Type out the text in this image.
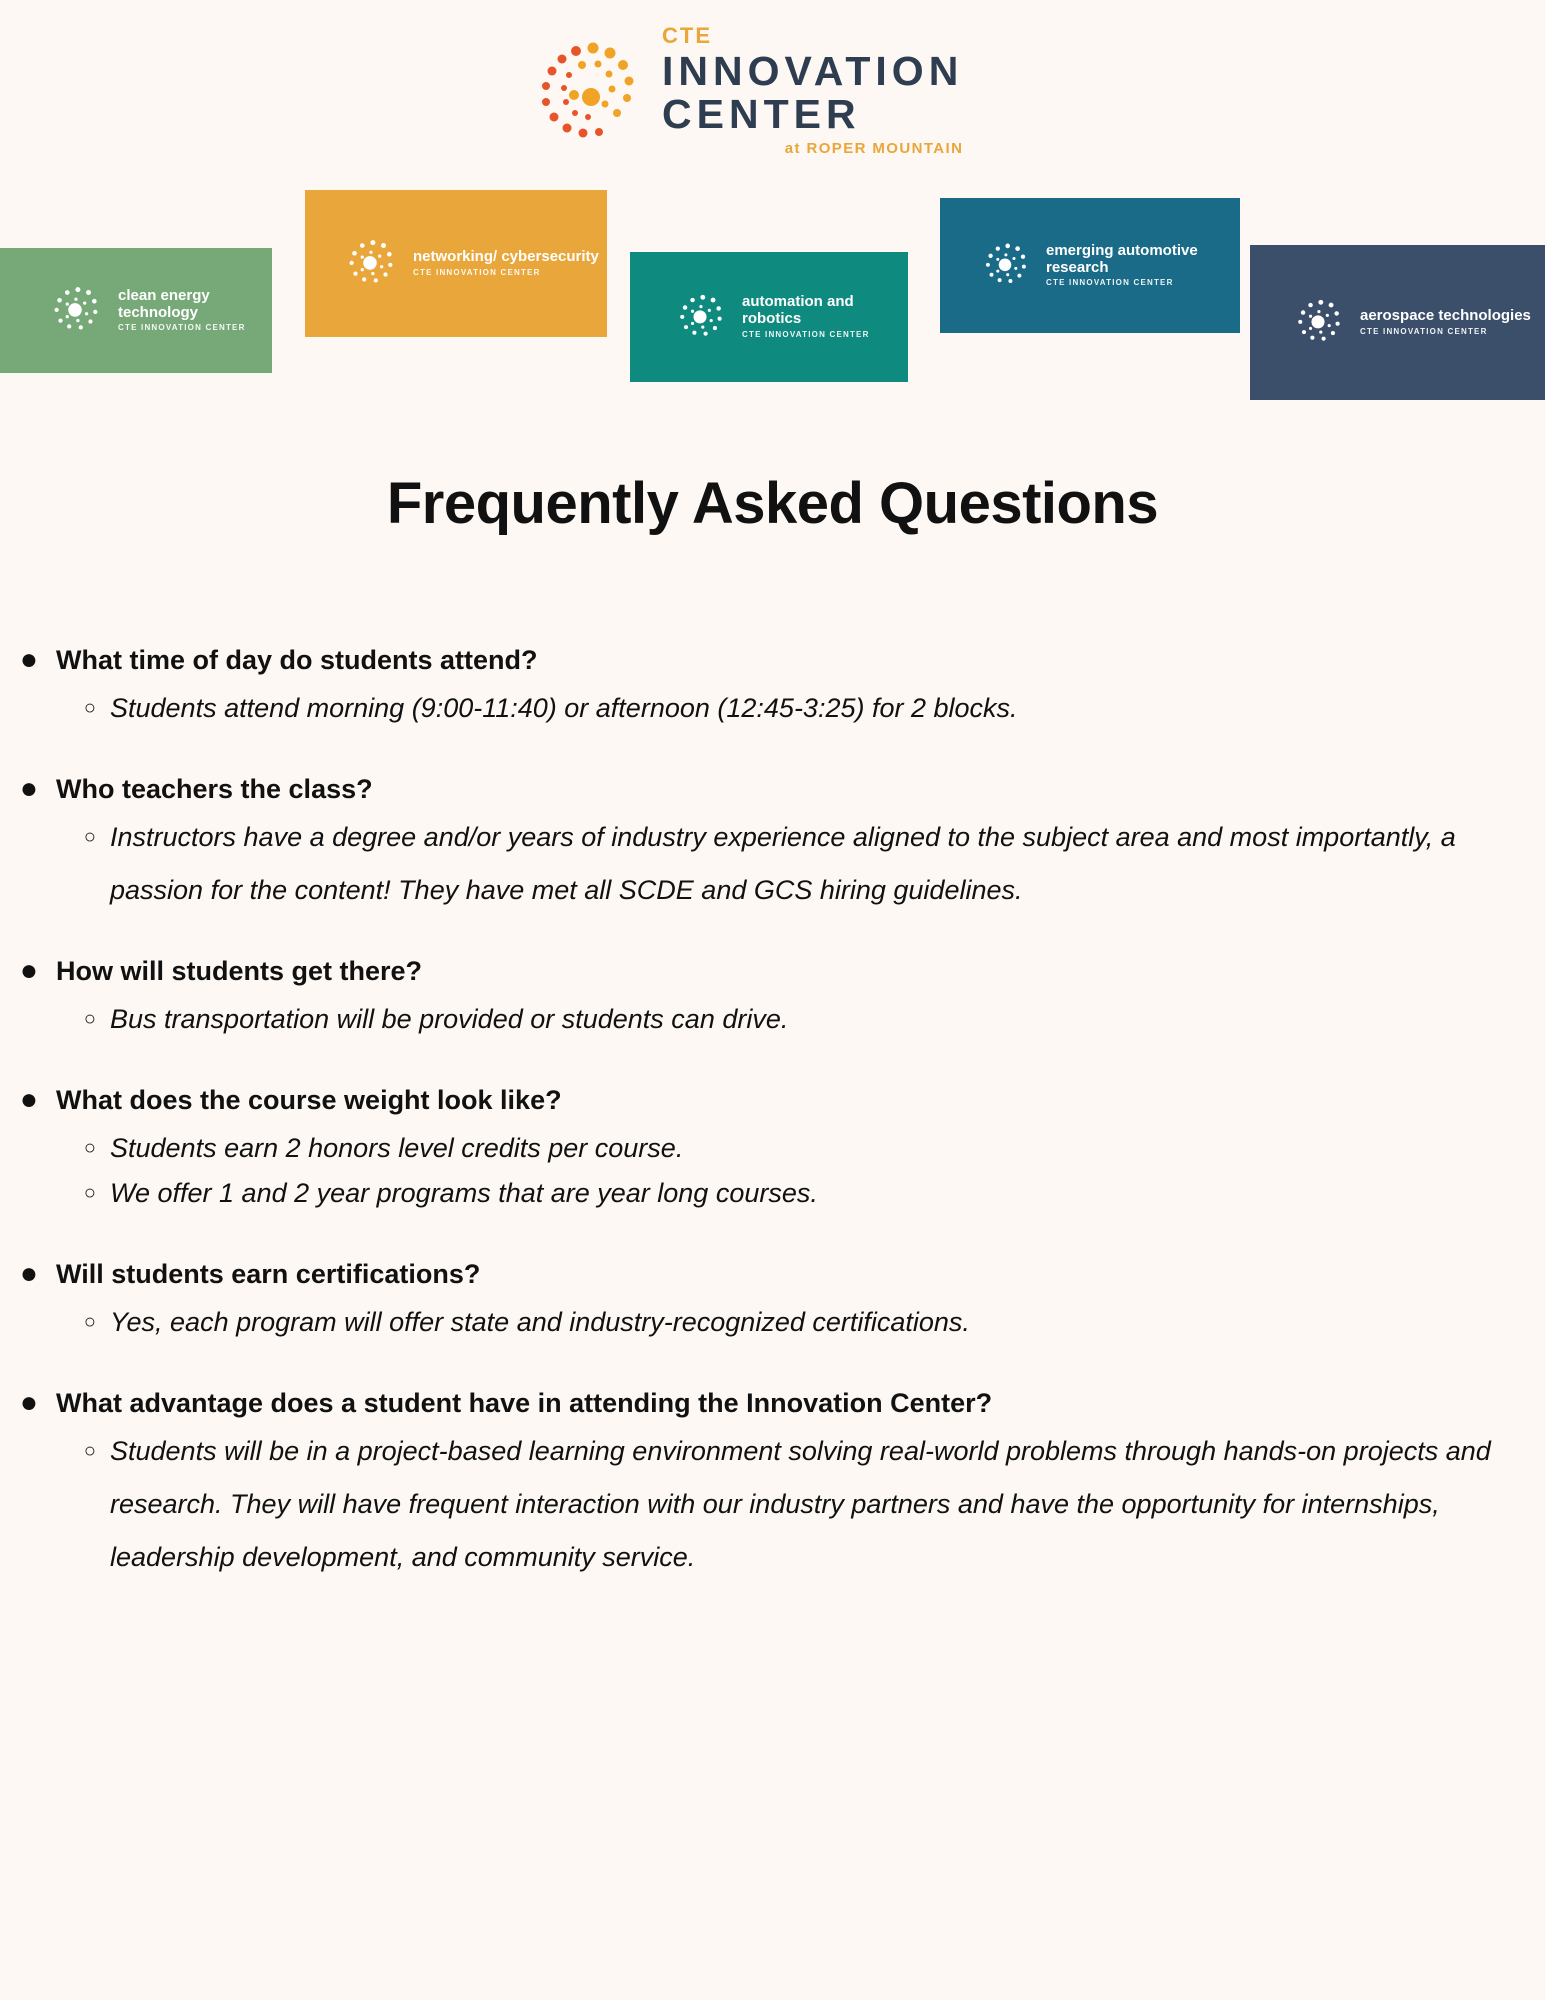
CTE
INNOVATION
CENTER
at ROPER MOUNTAIN
clean energy technology
CTE INNOVATION CENTER
networking/ cybersecurity
CTE INNOVATION CENTER
automation and robotics
CTE INNOVATION CENTER
emerging automotive research
CTE INNOVATION CENTER
aerospace technologies
CTE INNOVATION CENTER
Frequently Asked Questions
● What time of day do students attend?
○ Students attend morning (9:00-11:40) or afternoon (12:45-3:25) for 2 blocks.
● Who teachers the class?
○ Instructors have a degree and/or years of industry experience aligned to the subject area and most importantly, a passion for the content! They have met all SCDE and GCS hiring guidelines.
● How will students get there?
○ Bus transportation will be provided or students can drive.
● What does the course weight look like?
○ Students earn 2 honors level credits per course.
○ We offer 1 and 2 year programs that are year long courses.
● Will students earn certifications?
○ Yes, each program will offer state and industry-recognized certifications.
● What advantage does a student have in attending the Innovation Center?
○ Students will be in a project-based learning environment solving real-world problems through hands-on projects and research. They will have frequent interaction with our industry partners and have the opportunity for internships, leadership development, and community service.
